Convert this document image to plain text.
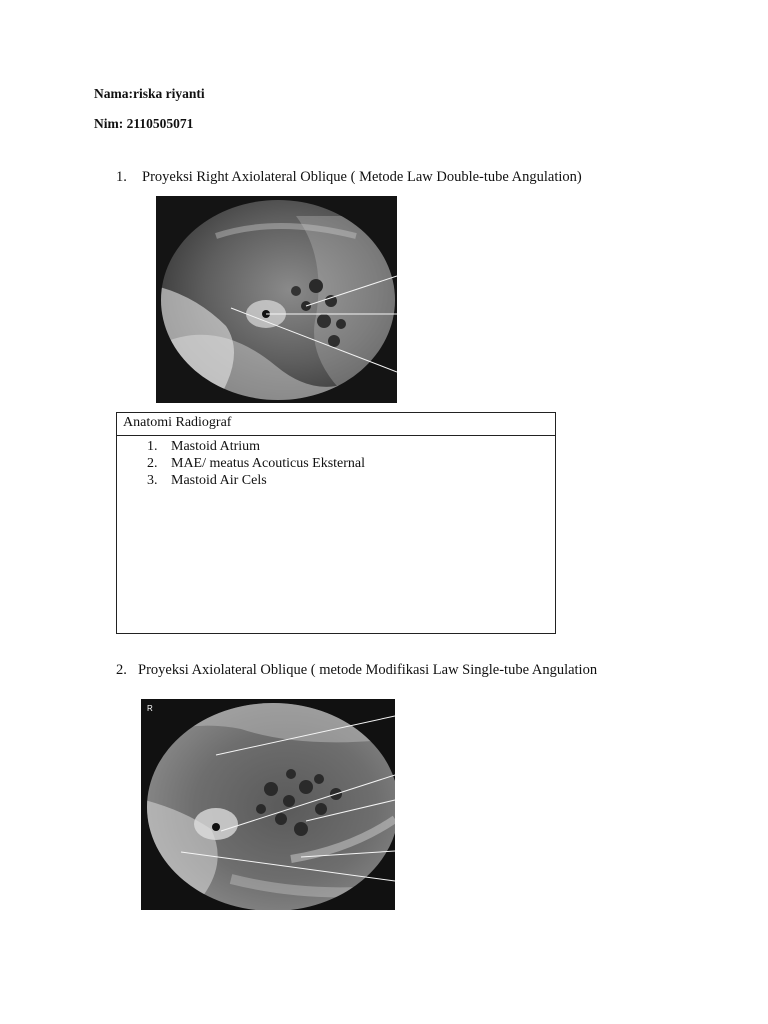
Nama:riska riyanti
Nim: 2110505071
1. Proyeksi Right Axiolateral Oblique ( Metode Law Double-tube Angulation)
Anatomi Radiograf
1. Mastoid Atrium
2. MAE/ meatus Acouticus Eksternal
3. Mastoid Air Cels
2. Proyeksi Axiolateral Oblique ( metode Modifikasi Law Single-tube Angulation
R
